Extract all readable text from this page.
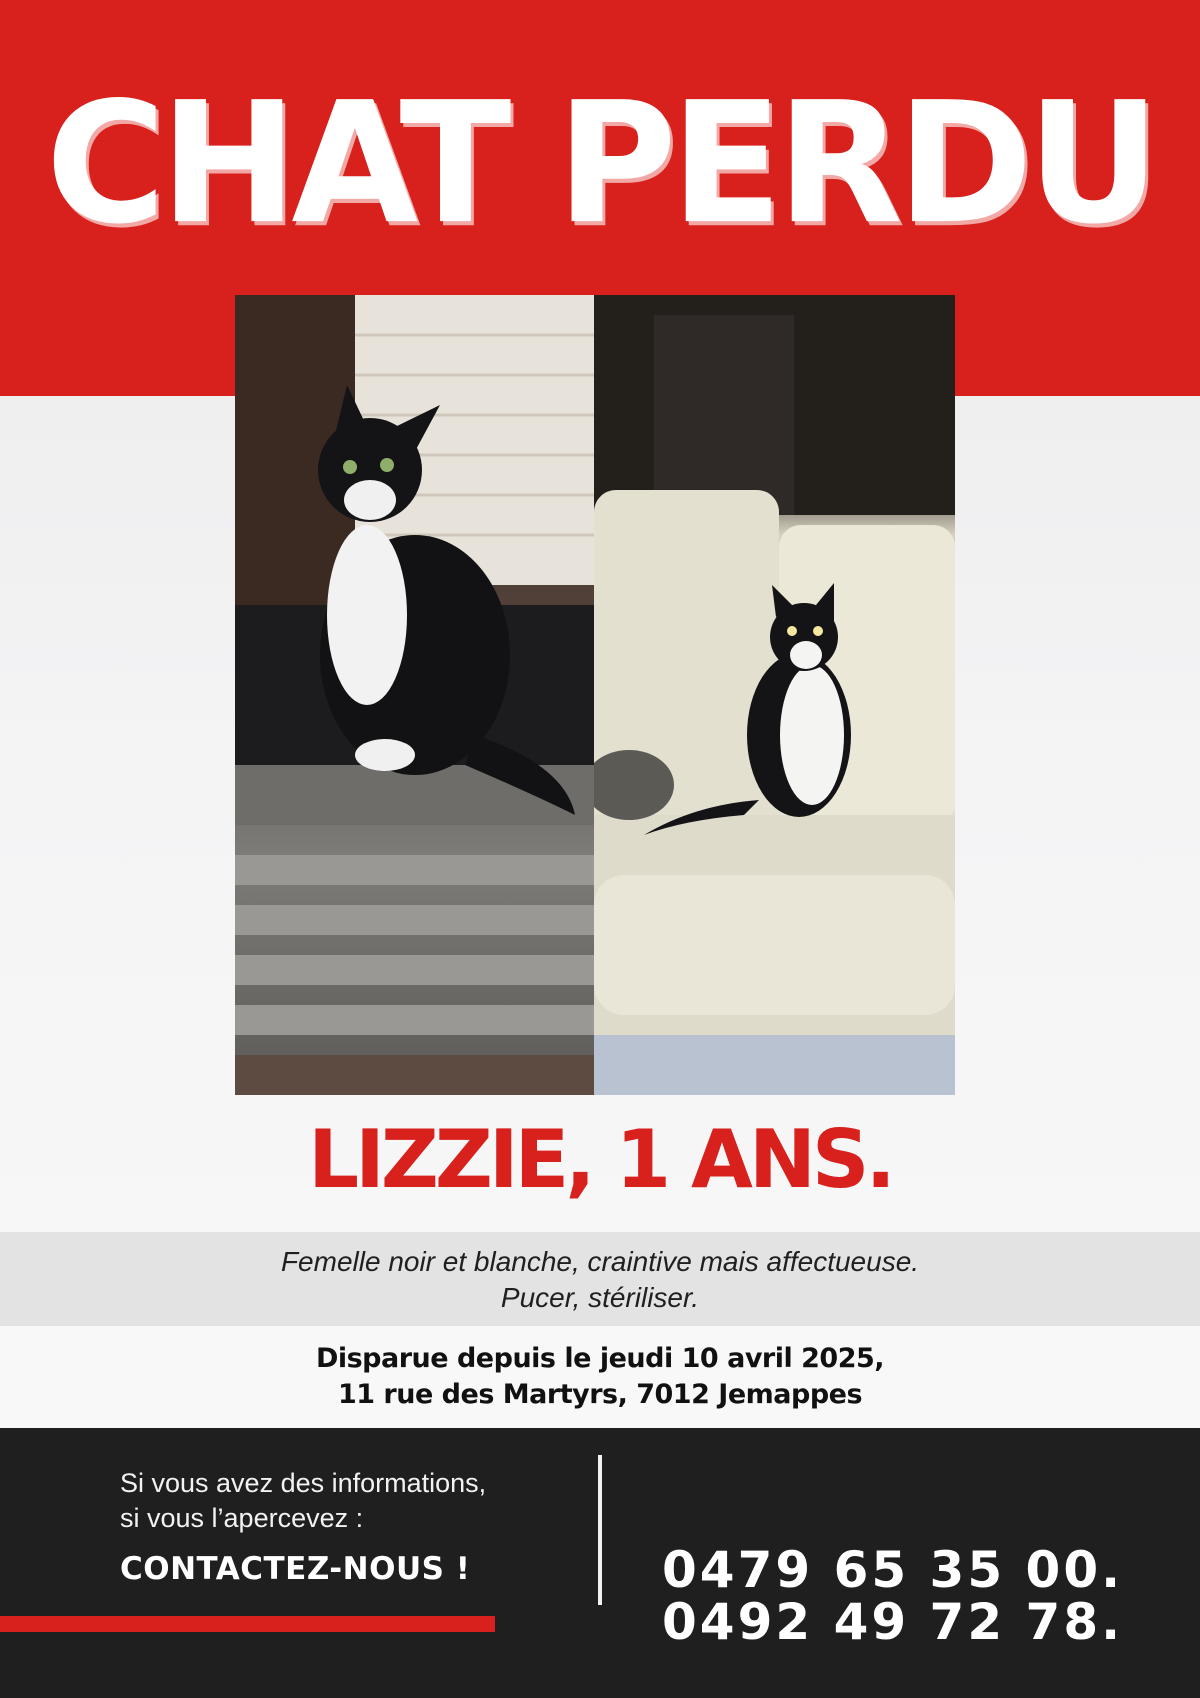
CHAT PERDU
LIZZIE, 1 ANS.
Femelle noir et blanche, craintive mais affectueuse.
Pucer, stériliser.
Disparue depuis le jeudi 10 avril 2025,
11 rue des Martyrs, 7012 Jemappes
Si vous avez des informations,
si vous l’apercevez :
CONTACTEZ-NOUS !	0479 65 35 00.
0492 49 72 78.
